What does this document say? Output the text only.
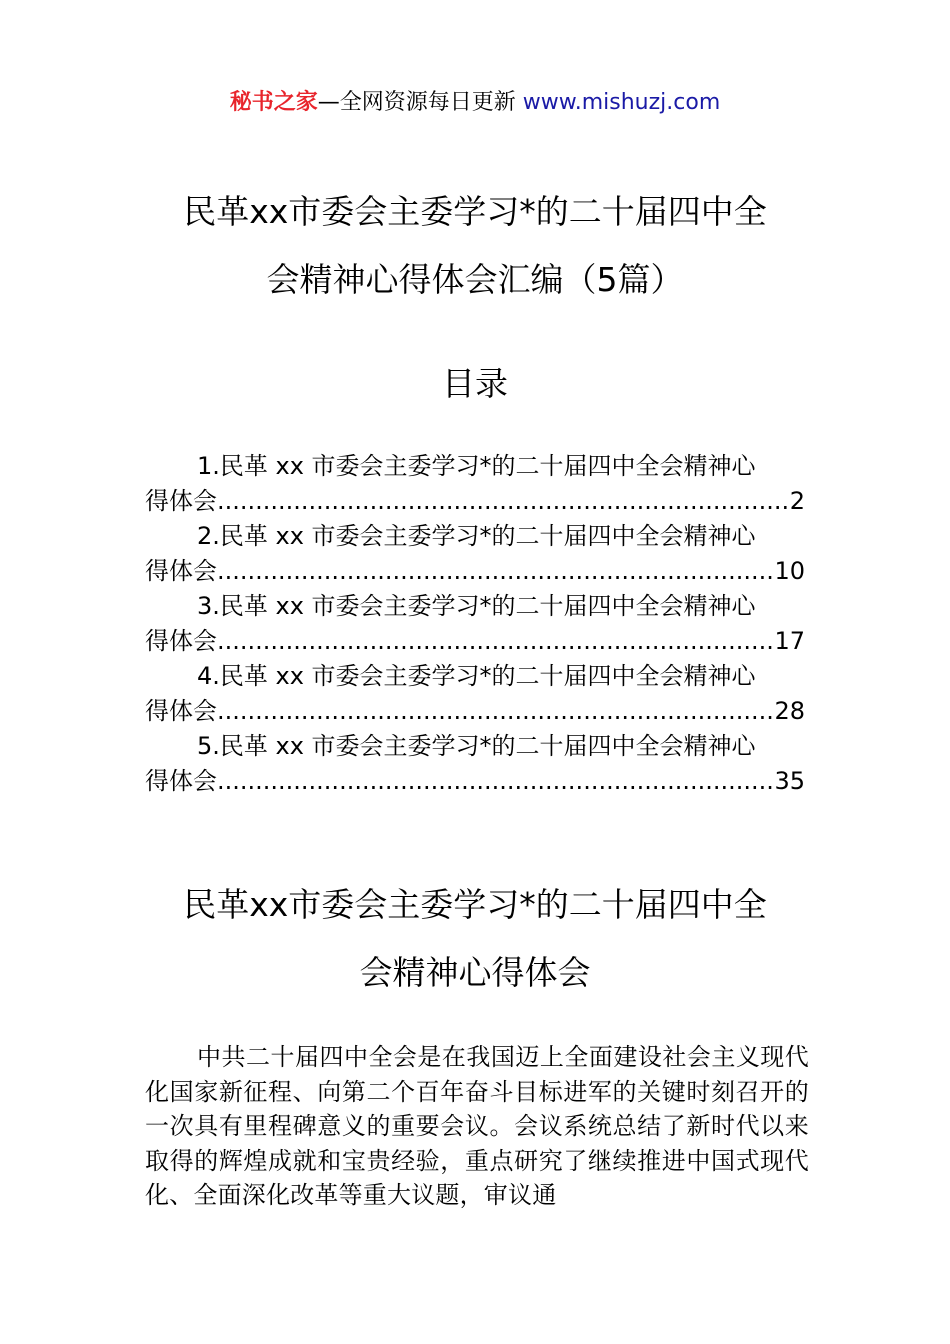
秘书之家—全网资源每日更新 www.mishuzj.com
民革xx市委会主委学习*的二十届四中全
会精神心得体会汇编（5篇）
目录
1.民革 xx 市委会主委学习*的二十届四中全会精神心
得体会 .....	2
2.民革 xx 市委会主委学习*的二十届四中全会精神心
得体会 .....	10
3.民革 xx 市委会主委学习*的二十届四中全会精神心
得体会 .....	17
4.民革 xx 市委会主委学习*的二十届四中全会精神心
得体会 .....	28
5.民革 xx 市委会主委学习*的二十届四中全会精神心
得体会 .....	35
民革xx市委会主委学习*的二十届四中全
会精神心得体会
中共二十届四中全会是在我国迈上全面建设社会主义现代化国家新征程、向第二个百年奋斗目标进军的关键时刻召开的一次具有里程碑意义的重要会议。会议系统总结了新时代以来取得的辉煌成就和宝贵经验，重点研究了继续推进中国式现代化、全面深化改革等重大议题，审议通
